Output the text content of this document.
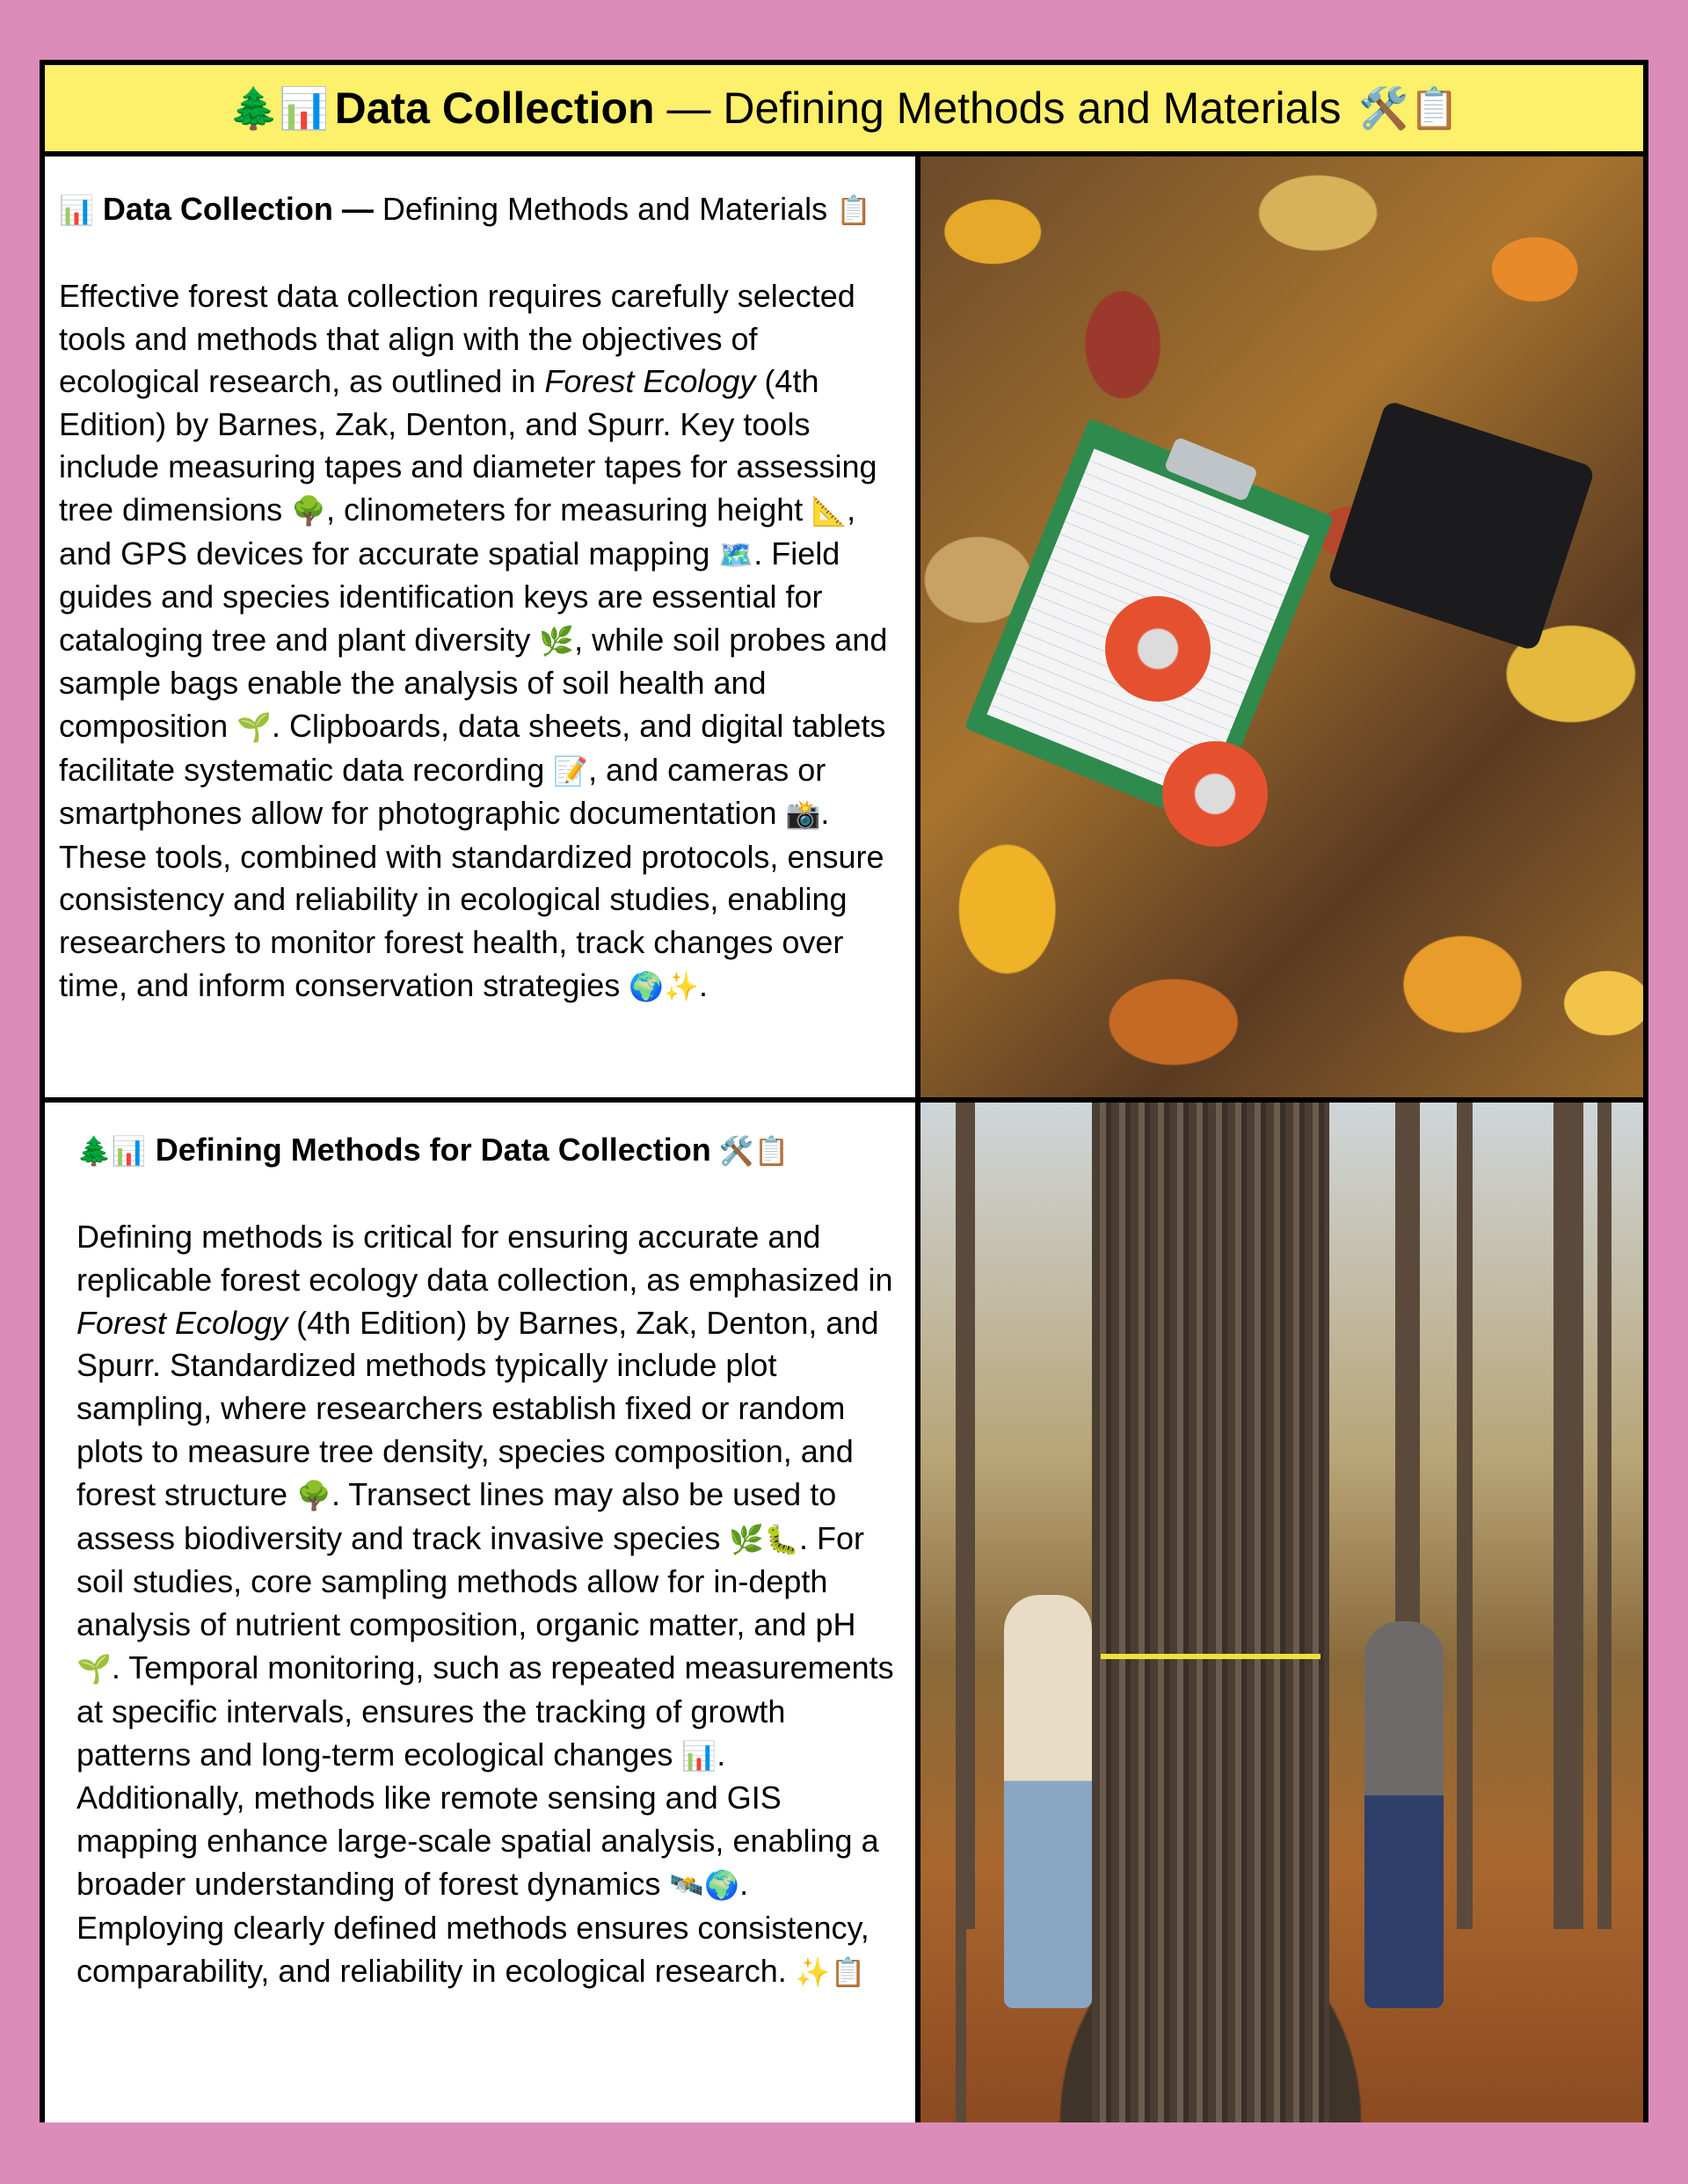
🌲📊 Data Collection — Defining Methods and Materials 🛠️📋
📊 Data Collection — Defining Methods and Materials 📋

Effective forest data collection requires carefully selected tools and methods that align with the objectives of ecological research, as outlined in Forest Ecology (4th Edition) by Barnes, Zak, Denton, and Spurr. Key tools include measuring tapes and diameter tapes for assessing tree dimensions 🌳, clinometers for measuring height 📐, and GPS devices for accurate spatial mapping 🗺️. Field guides and species identification keys are essential for cataloging tree and plant diversity 🌿, while soil probes and sample bags enable the analysis of soil health and composition 🌱. Clipboards, data sheets, and digital tablets facilitate systematic data recording 📝, and cameras or smartphones allow for photographic documentation 📸. These tools, combined with standardized protocols, ensure consistency and reliability in ecological studies, enabling researchers to monitor forest health, track changes over time, and inform conservation strategies 🌍✨.

🌲📊 Defining Methods for Data Collection 🛠️📋

Defining methods is critical for ensuring accurate and replicable forest ecology data collection, as emphasized in Forest Ecology (4th Edition) by Barnes, Zak, Denton, and Spurr. Standardized methods typically include plot sampling, where researchers establish fixed or random plots to measure tree density, species composition, and forest structure 🌳. Transect lines may also be used to assess biodiversity and track invasive species 🌿🐛. For soil studies, core sampling methods allow for in-depth analysis of nutrient composition, organic matter, and pH 🌱. Temporal monitoring, such as repeated measurements at specific intervals, ensures the tracking of growth patterns and long-term ecological changes 📊. Additionally, methods like remote sensing and GIS mapping enhance large-scale spatial analysis, enabling a broader understanding of forest dynamics 🛰️🌍. Employing clearly defined methods ensures consistency, comparability, and reliability in ecological research. ✨📋
